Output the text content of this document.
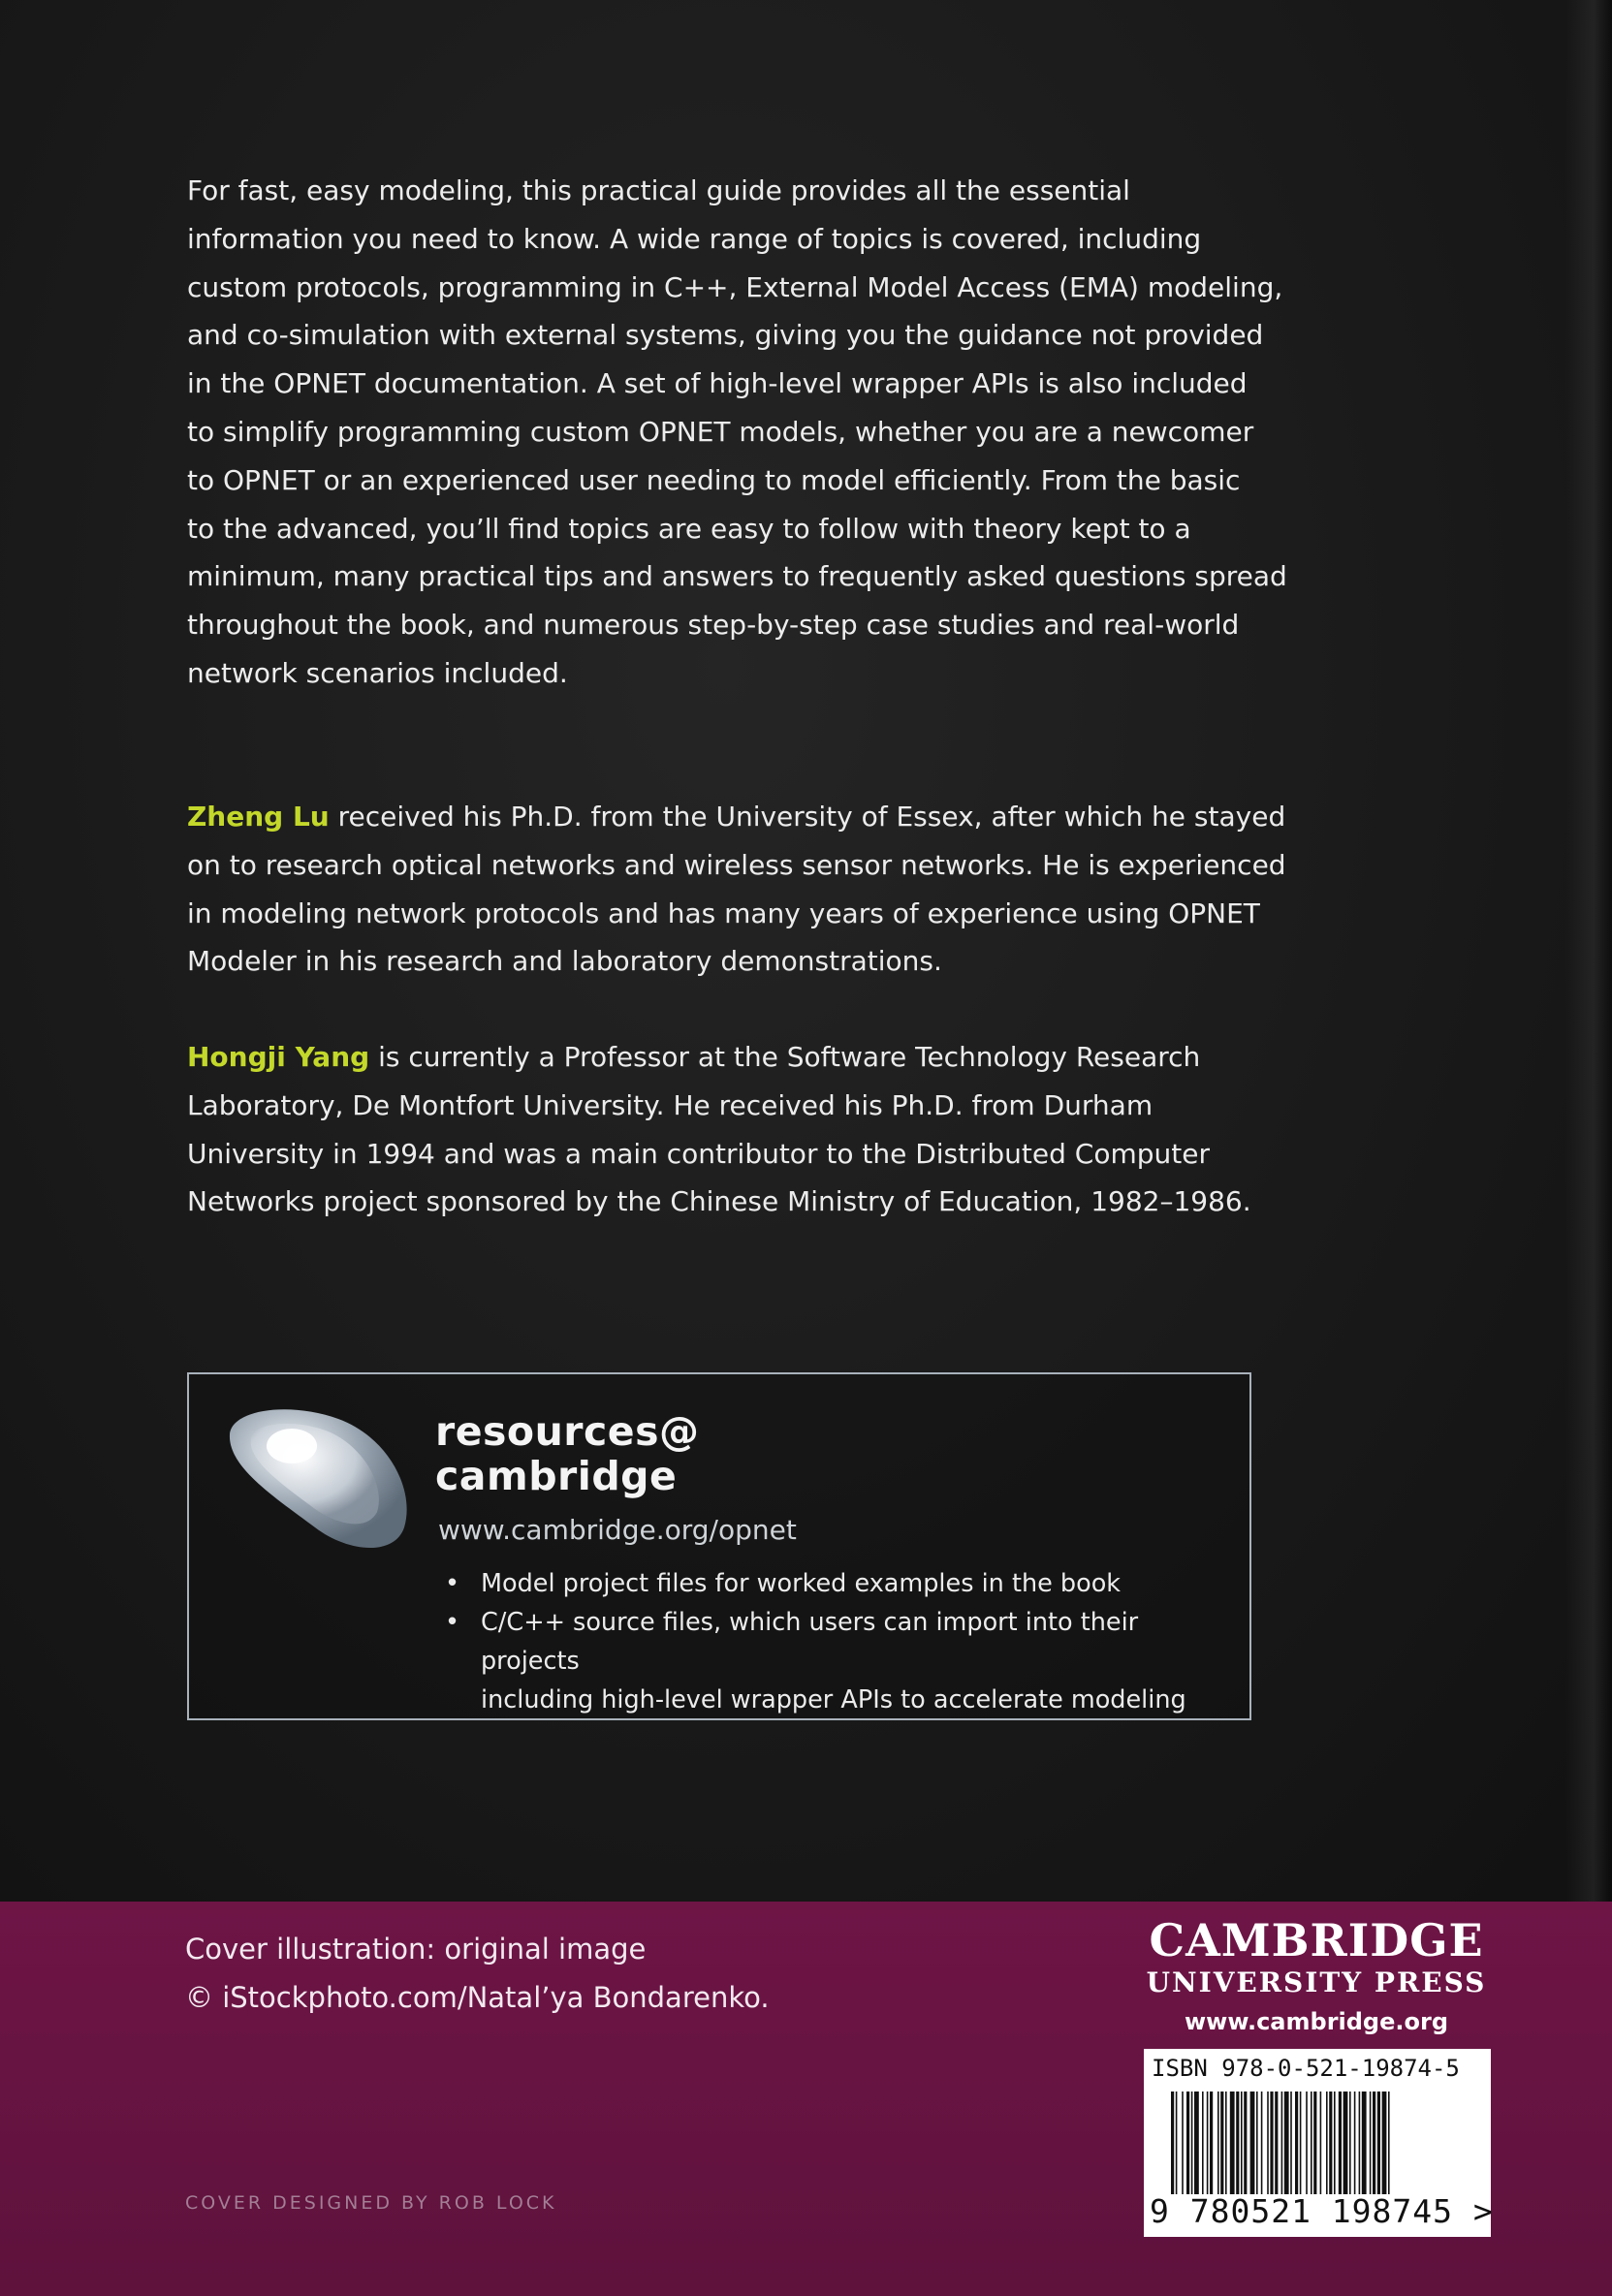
For fast, easy modeling, this practical guide provides all the essential

information you need to know. A wide range of topics is covered, including

custom protocols, programming in C++, External Model Access (EMA) modeling,

and co-simulation with external systems, giving you the guidance not provided

in the OPNET documentation. A set of high-level wrapper APIs is also included

to simplify programming custom OPNET models, whether you are a newcomer

to OPNET or an experienced user needing to model efficiently. From the basic

to the advanced, you’ll find topics are easy to follow with theory kept to a

minimum, many practical tips and answers to frequently asked questions spread

throughout the book, and numerous step-by-step case studies and real-world

network scenarios included.

Zheng Lu received his Ph.D. from the University of Essex, after which he stayed

on to research optical networks and wireless sensor networks. He is experienced

in modeling network protocols and has many years of experience using OPNET

Modeler in his research and laboratory demonstrations.

Hongji Yang is currently a Professor at the Software Technology Research

Laboratory, De Montfort University. He received his Ph.D. from Durham

University in 1994 and was a main contributor to the Distributed Computer

Networks project sponsored by the Chinese Ministry of Education, 1982–1986.

resources@
cambridge
www.cambridge.org/opnet
• Model project files for worked examples in the book
• C/C++ source files, which users can import into their projects
including high-level wrapper APIs to accelerate modeling
Cover illustration: original image
© iStockphoto.com/Natal’ya Bondarenko.
COVER DESIGNED BY ROB LOCK
CAMBRIDGE
UNIVERSITY PRESS
www.cambridge.org
ISBN 978-0-521-19874-5
9 780521 198745 >
